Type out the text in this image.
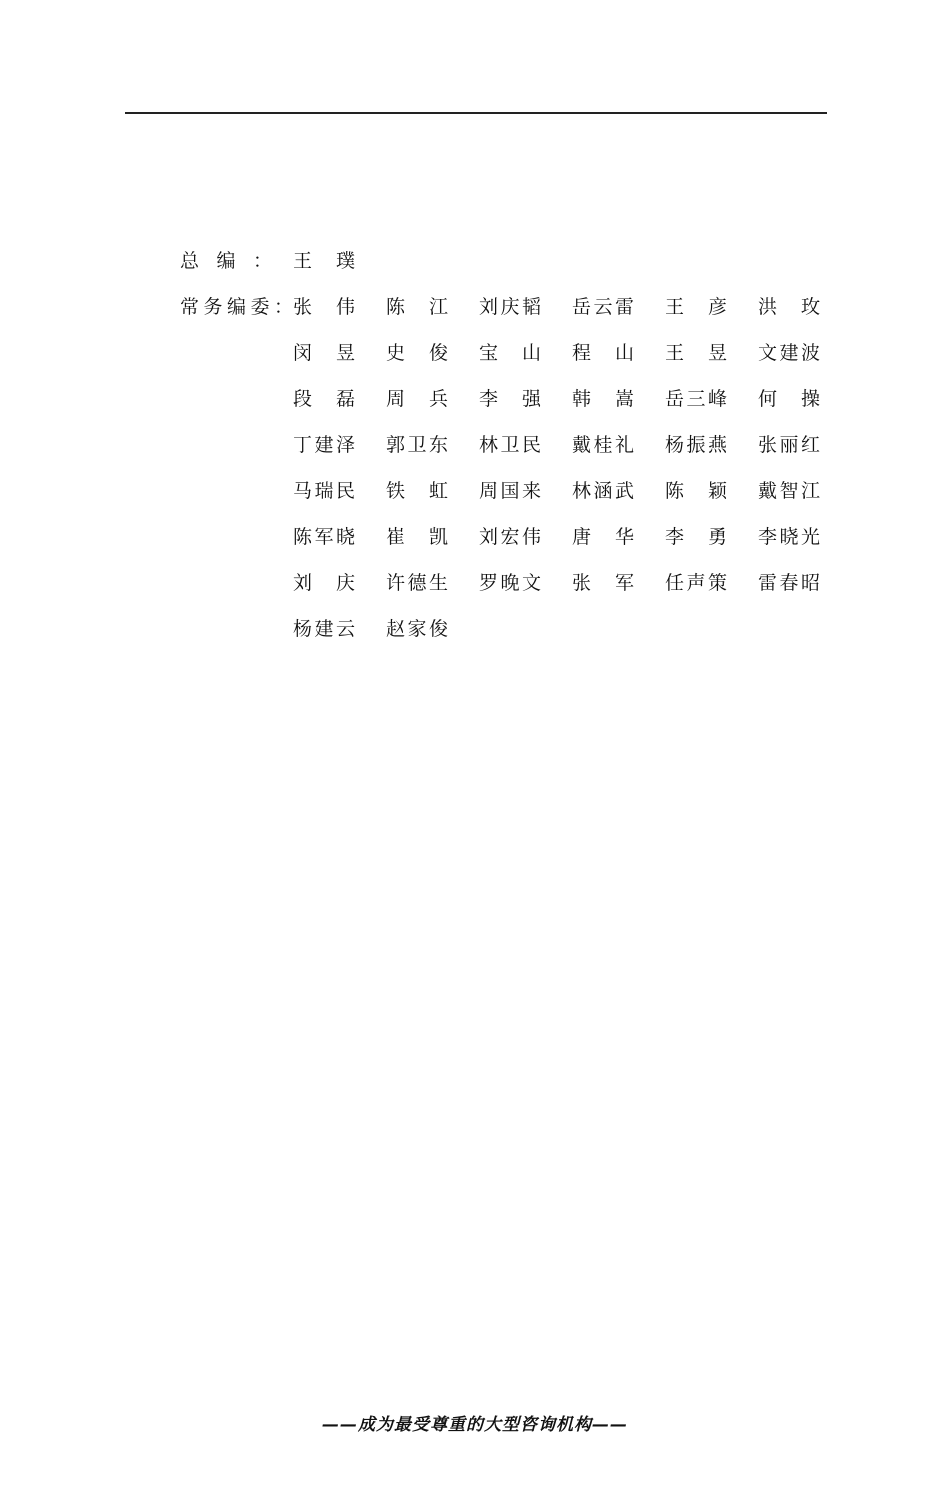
总编： 王璞
常务编委： 张伟 陈江 刘庆韬 岳云雷 王彦 洪玫
闵昱 史俊 宝山 程山 王昱 文建波
段磊 周兵 李强 韩嵩 岳三峰 何操
丁建泽 郭卫东 林卫民 戴桂礼 杨振燕 张丽红
马瑞民 铁虹 周国来 林涵武 陈颖 戴智江
陈军晓 崔凯 刘宏伟 唐华 李勇 李晓光
刘庆 许德生 罗晚文 张军 任声策 雷春昭
杨建云 赵家俊
——成为最受尊重的大型咨询机构——
